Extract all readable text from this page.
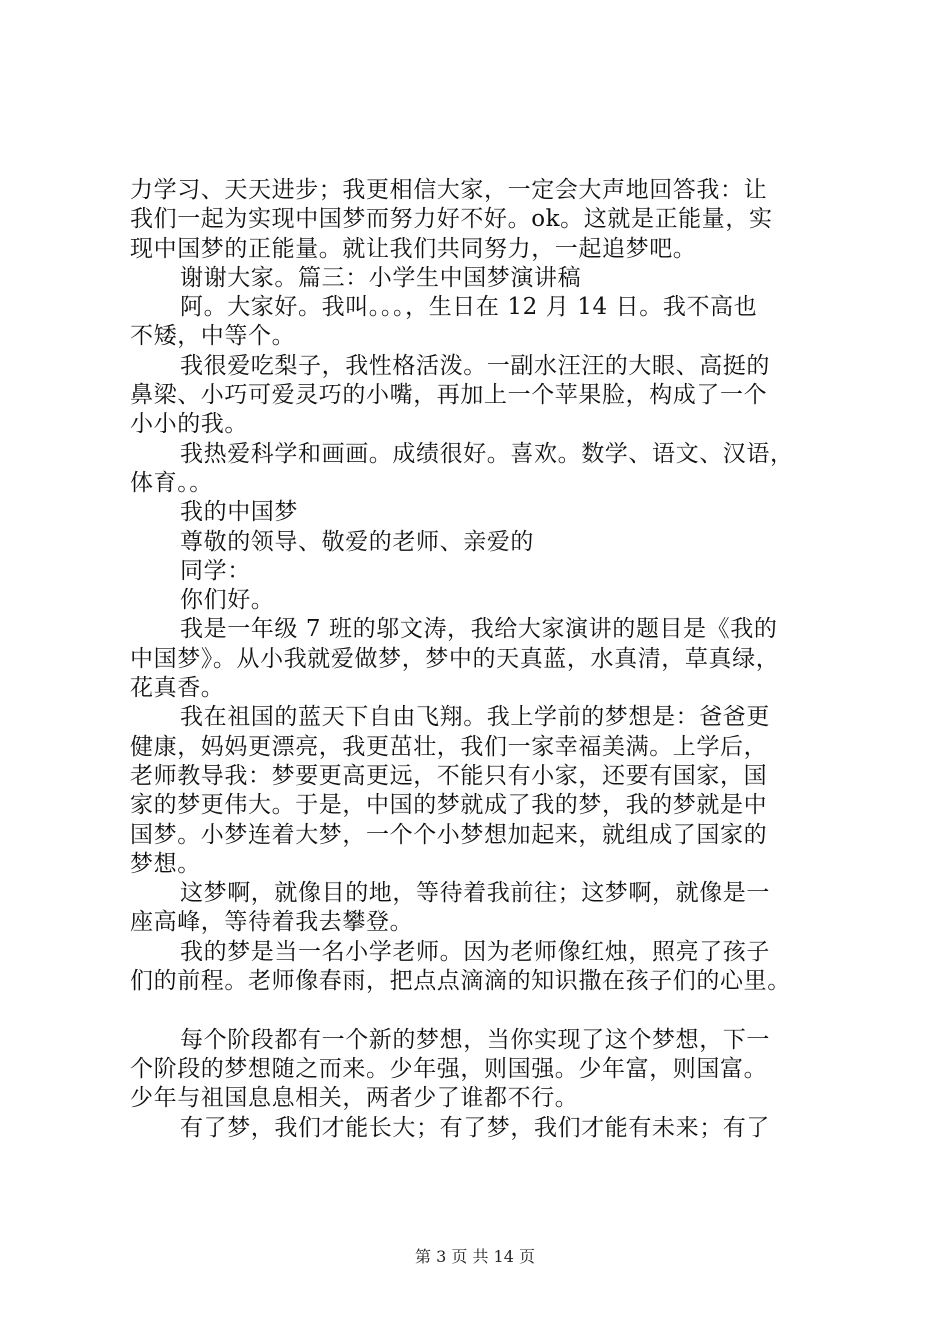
力学习、天天进步；我更相信大家，一定会大声地回答我：让
我们一起为实现中国梦而努力好不好。ok。这就是正能量，实
现中国梦的正能量。就让我们共同努力，一起追梦吧。
谢谢大家。篇三：小学生中国梦演讲稿
阿。大家好。我叫。。。，生日在 12 月 14 日。我不高也
不矮，中等个。
我很爱吃梨子，我性格活泼。一副水汪汪的大眼、高挺的
鼻梁、小巧可爱灵巧的小嘴，再加上一个苹果脸，构成了一个
小小的我。
我热爱科学和画画。成绩很好。喜欢。数学、语文、汉语，
体育。。
我的中国梦
尊敬的领导、敬爱的老师、亲爱的
同学：
你们好。
我是一年级 7 班的邬文涛，我给大家演讲的题目是《我的
中国梦》。从小我就爱做梦，梦中的天真蓝，水真清，草真绿，
花真香。
我在祖国的蓝天下自由飞翔。我上学前的梦想是：爸爸更
健康，妈妈更漂亮，我更茁壮，我们一家幸福美满。上学后，
老师教导我：梦要更高更远，不能只有小家，还要有国家，国
家的梦更伟大。于是，中国的梦就成了我的梦，我的梦就是中
国梦。小梦连着大梦，一个个小梦想加起来，就组成了国家的
梦想。
这梦啊，就像目的地，等待着我前往；这梦啊，就像是一
座高峰，等待着我去攀登。
我的梦是当一名小学老师。因为老师像红烛，照亮了孩子
们的前程。老师像春雨，把点点滴滴的知识撒在孩子们的心里。
每个阶段都有一个新的梦想，当你实现了这个梦想，下一
个阶段的梦想随之而来。少年强，则国强。少年富，则国富。
少年与祖国息息相关，两者少了谁都不行。
有了梦，我们才能长大；有了梦，我们才能有未来；有了
第 3 页 共 14 页
